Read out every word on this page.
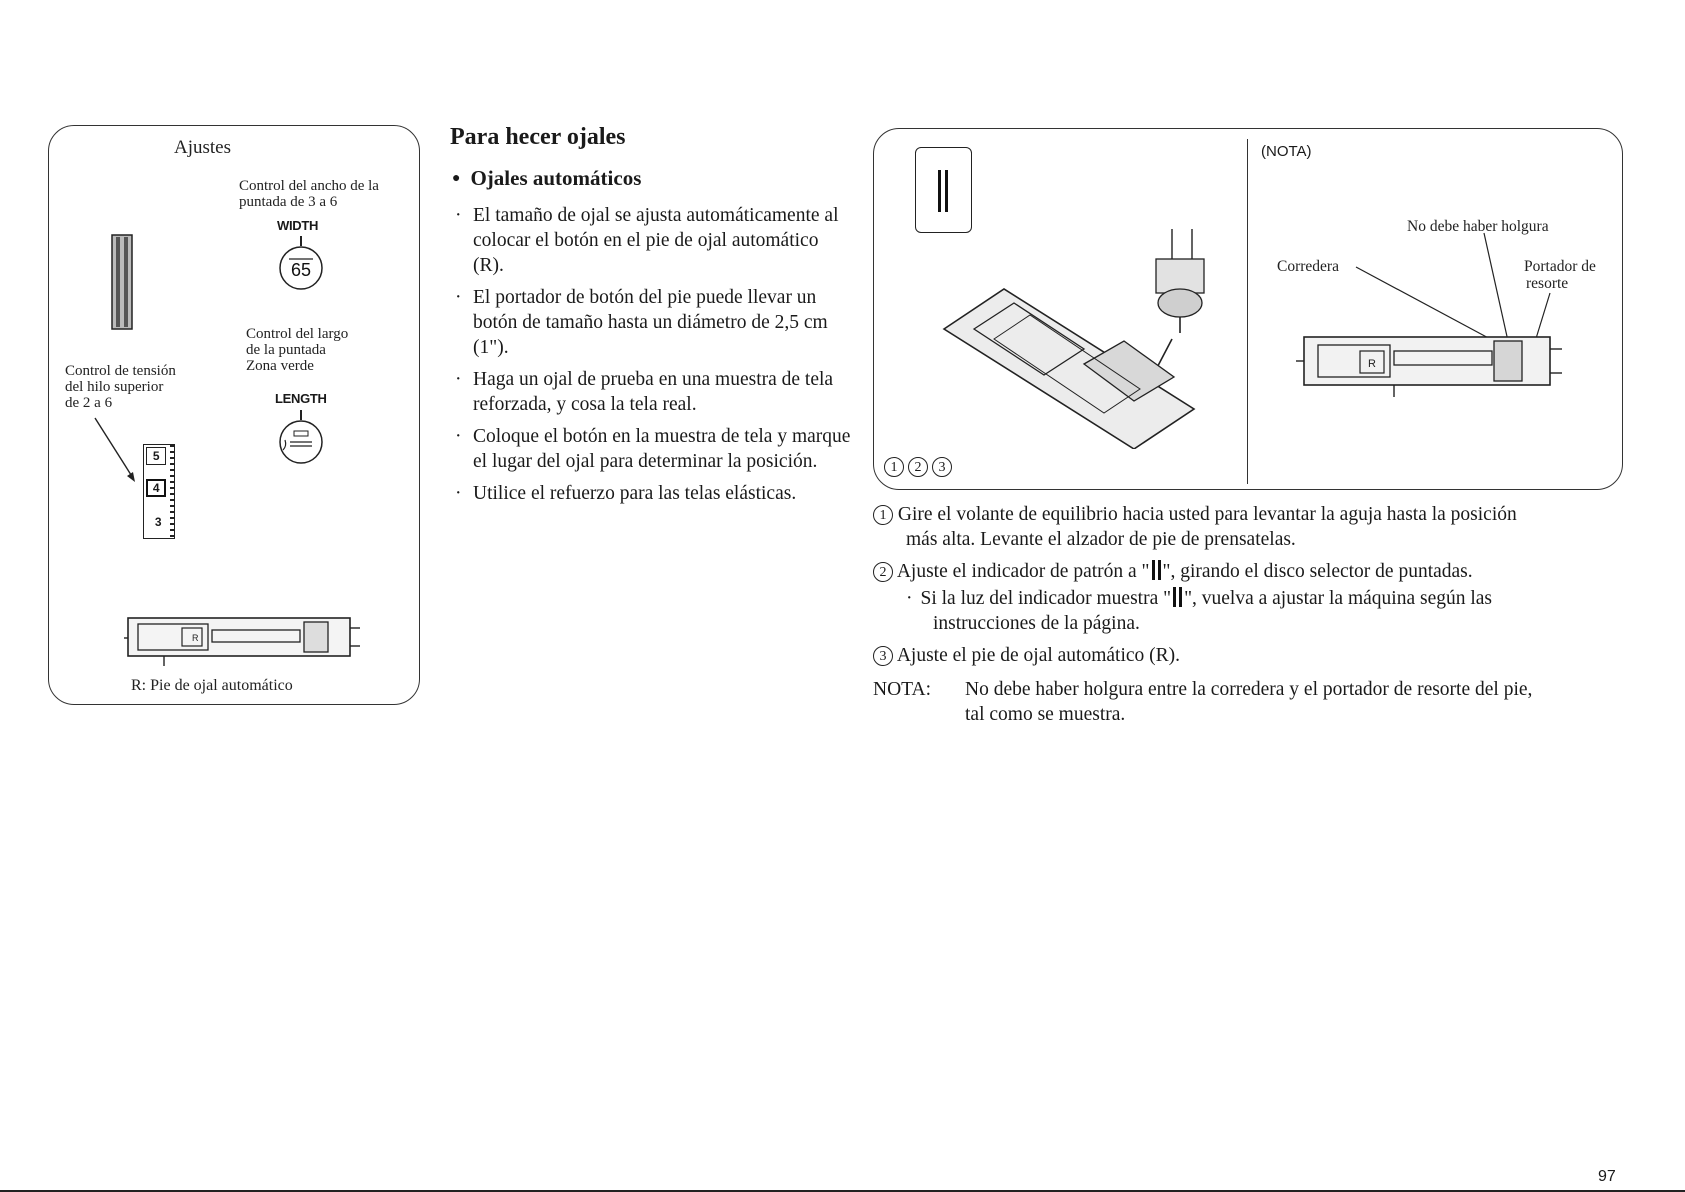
Ajustes
Control del ancho de la puntada de 3 a 6
WIDTH
65
Control del largo
de la puntada
Zona verde
LENGTH
Control de tensión
del hilo superior
de 2 a 6
5
4
3
R
R: Pie de ojal automático
Para hecer ojales
● Ojales automáticos
· El tamaño de ojal se ajusta automáticamente al colocar el botón en el pie de ojal automático (R).
· El portador de botón del pie puede llevar un botón de tamaño hasta un diámetro de 2,5 cm (1").
· Haga un ojal de prueba en una muestra de tela reforzada, y cosa la tela real.
· Coloque el botón en la muestra de tela y marque el lugar del ojal para determinar la posición.
· Utilice el refuerzo para las telas elásticas.
1 2 3
(NOTA)
No debe haber holgura
Corredera	Portador de
resorte
R
1 Gire el volante de equilibrio hacia usted para levantar la aguja hasta la posición
más alta. Levante el alzador de pie de prensatelas.
2 Ajuste el indicador de patrón a " ", girando el disco selector de puntadas.
· Si la luz del indicador muestra " ", vuelva a ajustar la máquina según las
instrucciones de la página.
3 Ajuste el pie de ojal automático (R).
NOTA: No debe haber holgura entre la corredera y el portador de resorte del pie,
tal como se muestra.
97
